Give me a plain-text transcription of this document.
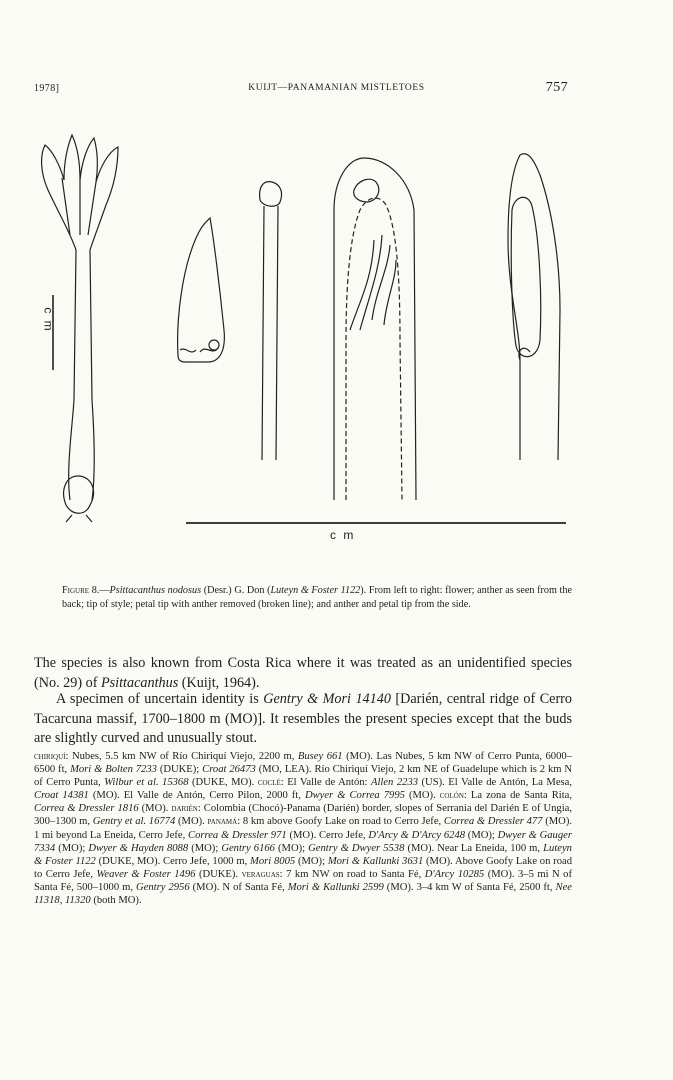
1978]	KUIJT—PANAMANIAN MISTLETOES	757
c m
c m
Figure 8.—Psittacanthus nodosus (Desr.) G. Don (Luteyn & Foster 1122). From left to right: flower; anther as seen from the back; tip of style; petal tip with anther removed (broken line); and anther and petal tip from the side.
The species is also known from Costa Rica where it was treated as an unidentified species (No. 29) of Psittacanthus (Kuijt, 1964).
A specimen of uncertain identity is Gentry & Mori 14140 [Darién, central ridge of Cerro Tacarcuna massif, 1700–1800 m (MO)]. It resembles the present species except that the buds are slightly curved and unusually stout.
chiriquí: Nubes, 5.5 km NW of Río Chiriquí Viejo, 2200 m, Busey 661 (MO). Las Nubes, 5 km NW of Cerro Punta, 6000–6500 ft, Mori & Bolten 7233 (DUKE); Croat 26473 (MO, LEA). Río Chiriquí Viejo, 2 km NE of Guadelupe which is 2 km N of Cerro Punta, Wilbur et al. 15368 (DUKE, MO). coclé: El Valle de Antón: Allen 2233 (US). El Valle de Antón, La Mesa, Croat 14381 (MO). El Valle de Antón, Cerro Pilon, 2000 ft, Dwyer & Correa 7995 (MO). colón: La zona de Santa Rita, Correa & Dressler 1816 (MO). darién: Colombia (Chocó)-Panama (Darién) border, slopes of Serrania del Darién E of Ungia, 300–1300 m, Gentry et al. 16774 (MO). panamá: 8 km above Goofy Lake on road to Cerro Jefe, Correa & Dressler 477 (MO). 1 mi beyond La Eneida, Cerro Jefe, Correa & Dressler 971 (MO). Cerro Jefe, D'Arcy & D'Arcy 6248 (MO); Dwyer & Gauger 7334 (MO); Dwyer & Hayden 8088 (MO); Gentry 6166 (MO); Gentry & Dwyer 5538 (MO). Near La Eneida, 100 m, Luteyn & Foster 1122 (DUKE, MO). Cerro Jefe, 1000 m, Mori 8005 (MO); Mori & Kallunki 3631 (MO). Above Goofy Lake on road to Cerro Jefe, Weaver & Foster 1496 (DUKE). veraguas: 7 km NW on road to Santa Fé, D'Arcy 10285 (MO). 3–5 mi N of Santa Fé, 500–1000 m, Gentry 2956 (MO). N of Santa Fé, Mori & Kallunki 2599 (MO). 3–4 km W of Santa Fé, 2500 ft, Nee 11318, 11320 (both MO).
